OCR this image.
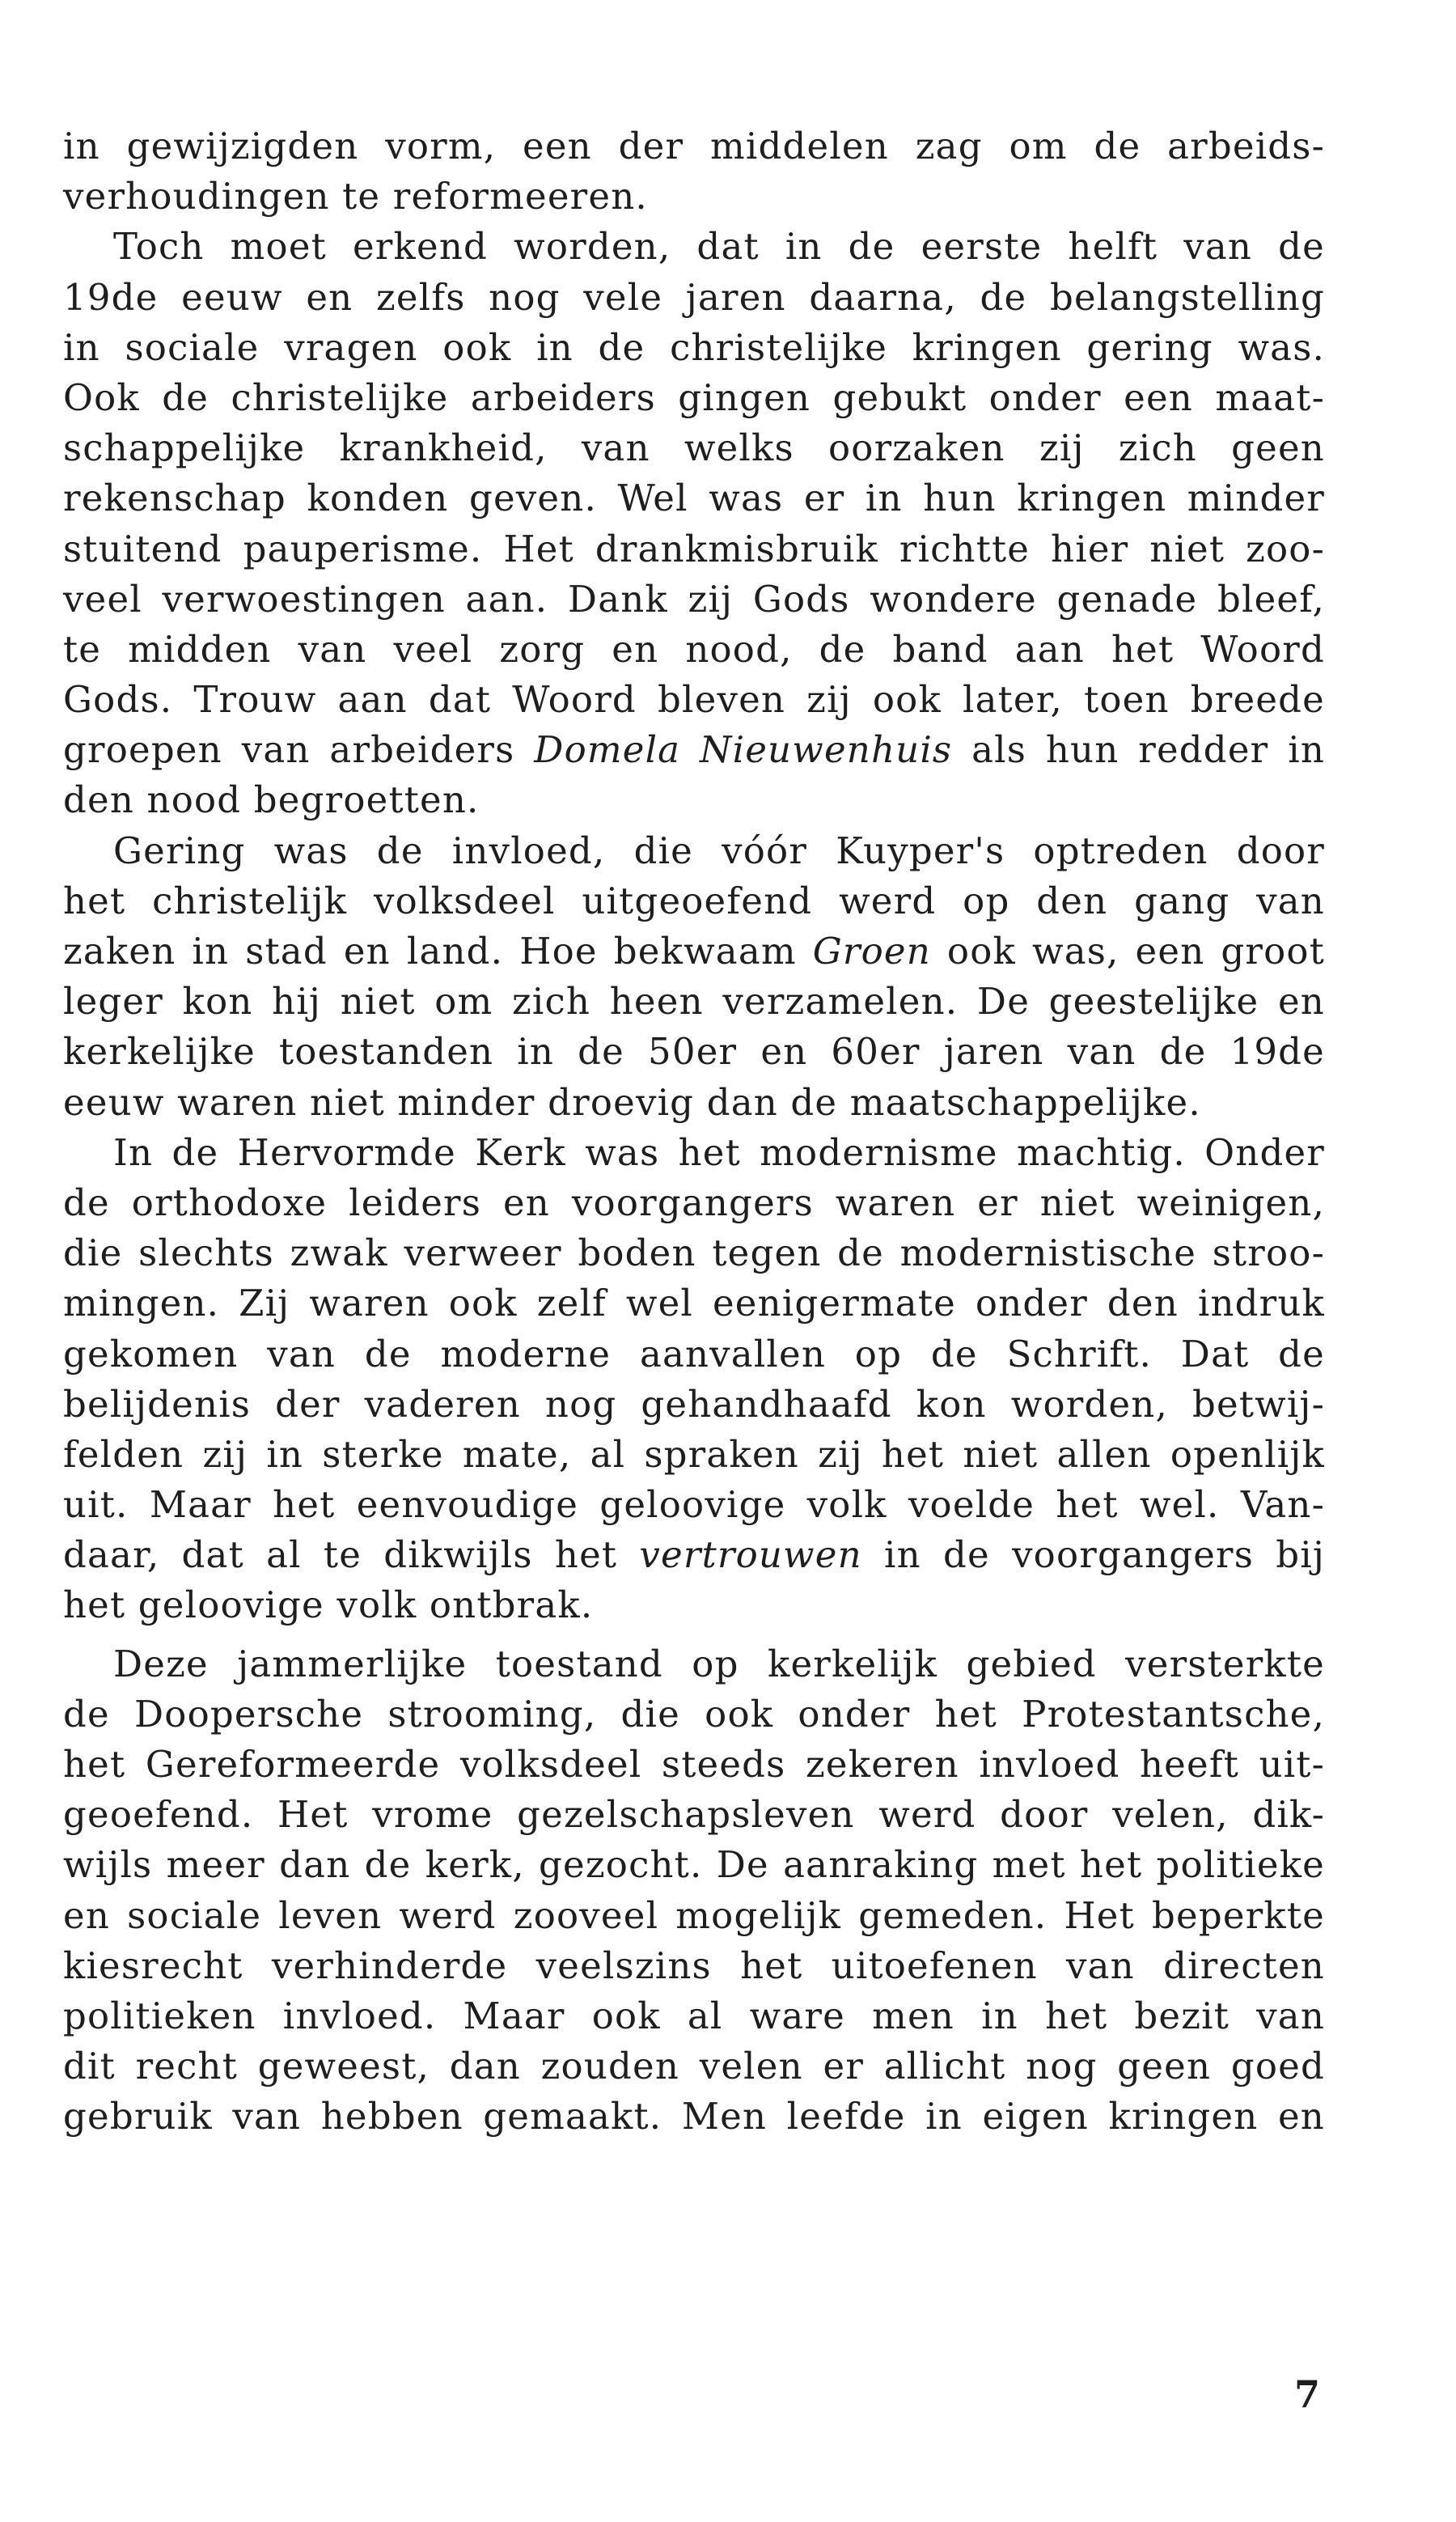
in gewijzigden vorm, een der middelen zag om de arbeids-
verhoudingen te reformeeren.
Toch moet erkend worden, dat in de eerste helft van de
19de eeuw en zelfs nog vele jaren daarna, de belangstelling
in sociale vragen ook in de christelijke kringen gering was.
Ook de christelijke arbeiders gingen gebukt onder een maat-
schappelijke krankheid, van welks oorzaken zij zich geen
rekenschap konden geven. Wel was er in hun kringen minder
stuitend pauperisme. Het drankmisbruik richtte hier niet zoo-
veel verwoestingen aan. Dank zij Gods wondere genade bleef,
te midden van veel zorg en nood, de band aan het Woord
Gods. Trouw aan dat Woord bleven zij ook later, toen breede
groepen van arbeiders Domela Nieuwenhuis als hun redder in
den nood begroetten.
Gering was de invloed, die vóór Kuyper's optreden door
het christelijk volksdeel uitgeoefend werd op den gang van
zaken in stad en land. Hoe bekwaam Groen ook was, een groot
leger kon hij niet om zich heen verzamelen. De geestelijke en
kerkelijke toestanden in de 50er en 60er jaren van de 19de
eeuw waren niet minder droevig dan de maatschappelijke.
In de Hervormde Kerk was het modernisme machtig. Onder
de orthodoxe leiders en voorgangers waren er niet weinigen,
die slechts zwak verweer boden tegen de modernistische stroo-
mingen. Zij waren ook zelf wel eenigermate onder den indruk
gekomen van de moderne aanvallen op de Schrift. Dat de
belijdenis der vaderen nog gehandhaafd kon worden, betwij-
felden zij in sterke mate, al spraken zij het niet allen openlijk
uit. Maar het eenvoudige geloovige volk voelde het wel. Van-
daar, dat al te dikwijls het vertrouwen in de voorgangers bij
het geloovige volk ontbrak.
Deze jammerlijke toestand op kerkelijk gebied versterkte
de Doopersche strooming, die ook onder het Protestantsche,
het Gereformeerde volksdeel steeds zekeren invloed heeft uit-
geoefend. Het vrome gezelschapsleven werd door velen, dik-
wijls meer dan de kerk, gezocht. De aanraking met het politieke
en sociale leven werd zooveel mogelijk gemeden. Het beperkte
kiesrecht verhinderde veelszins het uitoefenen van directen
politieken invloed. Maar ook al ware men in het bezit van
dit recht geweest, dan zouden velen er allicht nog geen goed
gebruik van hebben gemaakt. Men leefde in eigen kringen en
7
